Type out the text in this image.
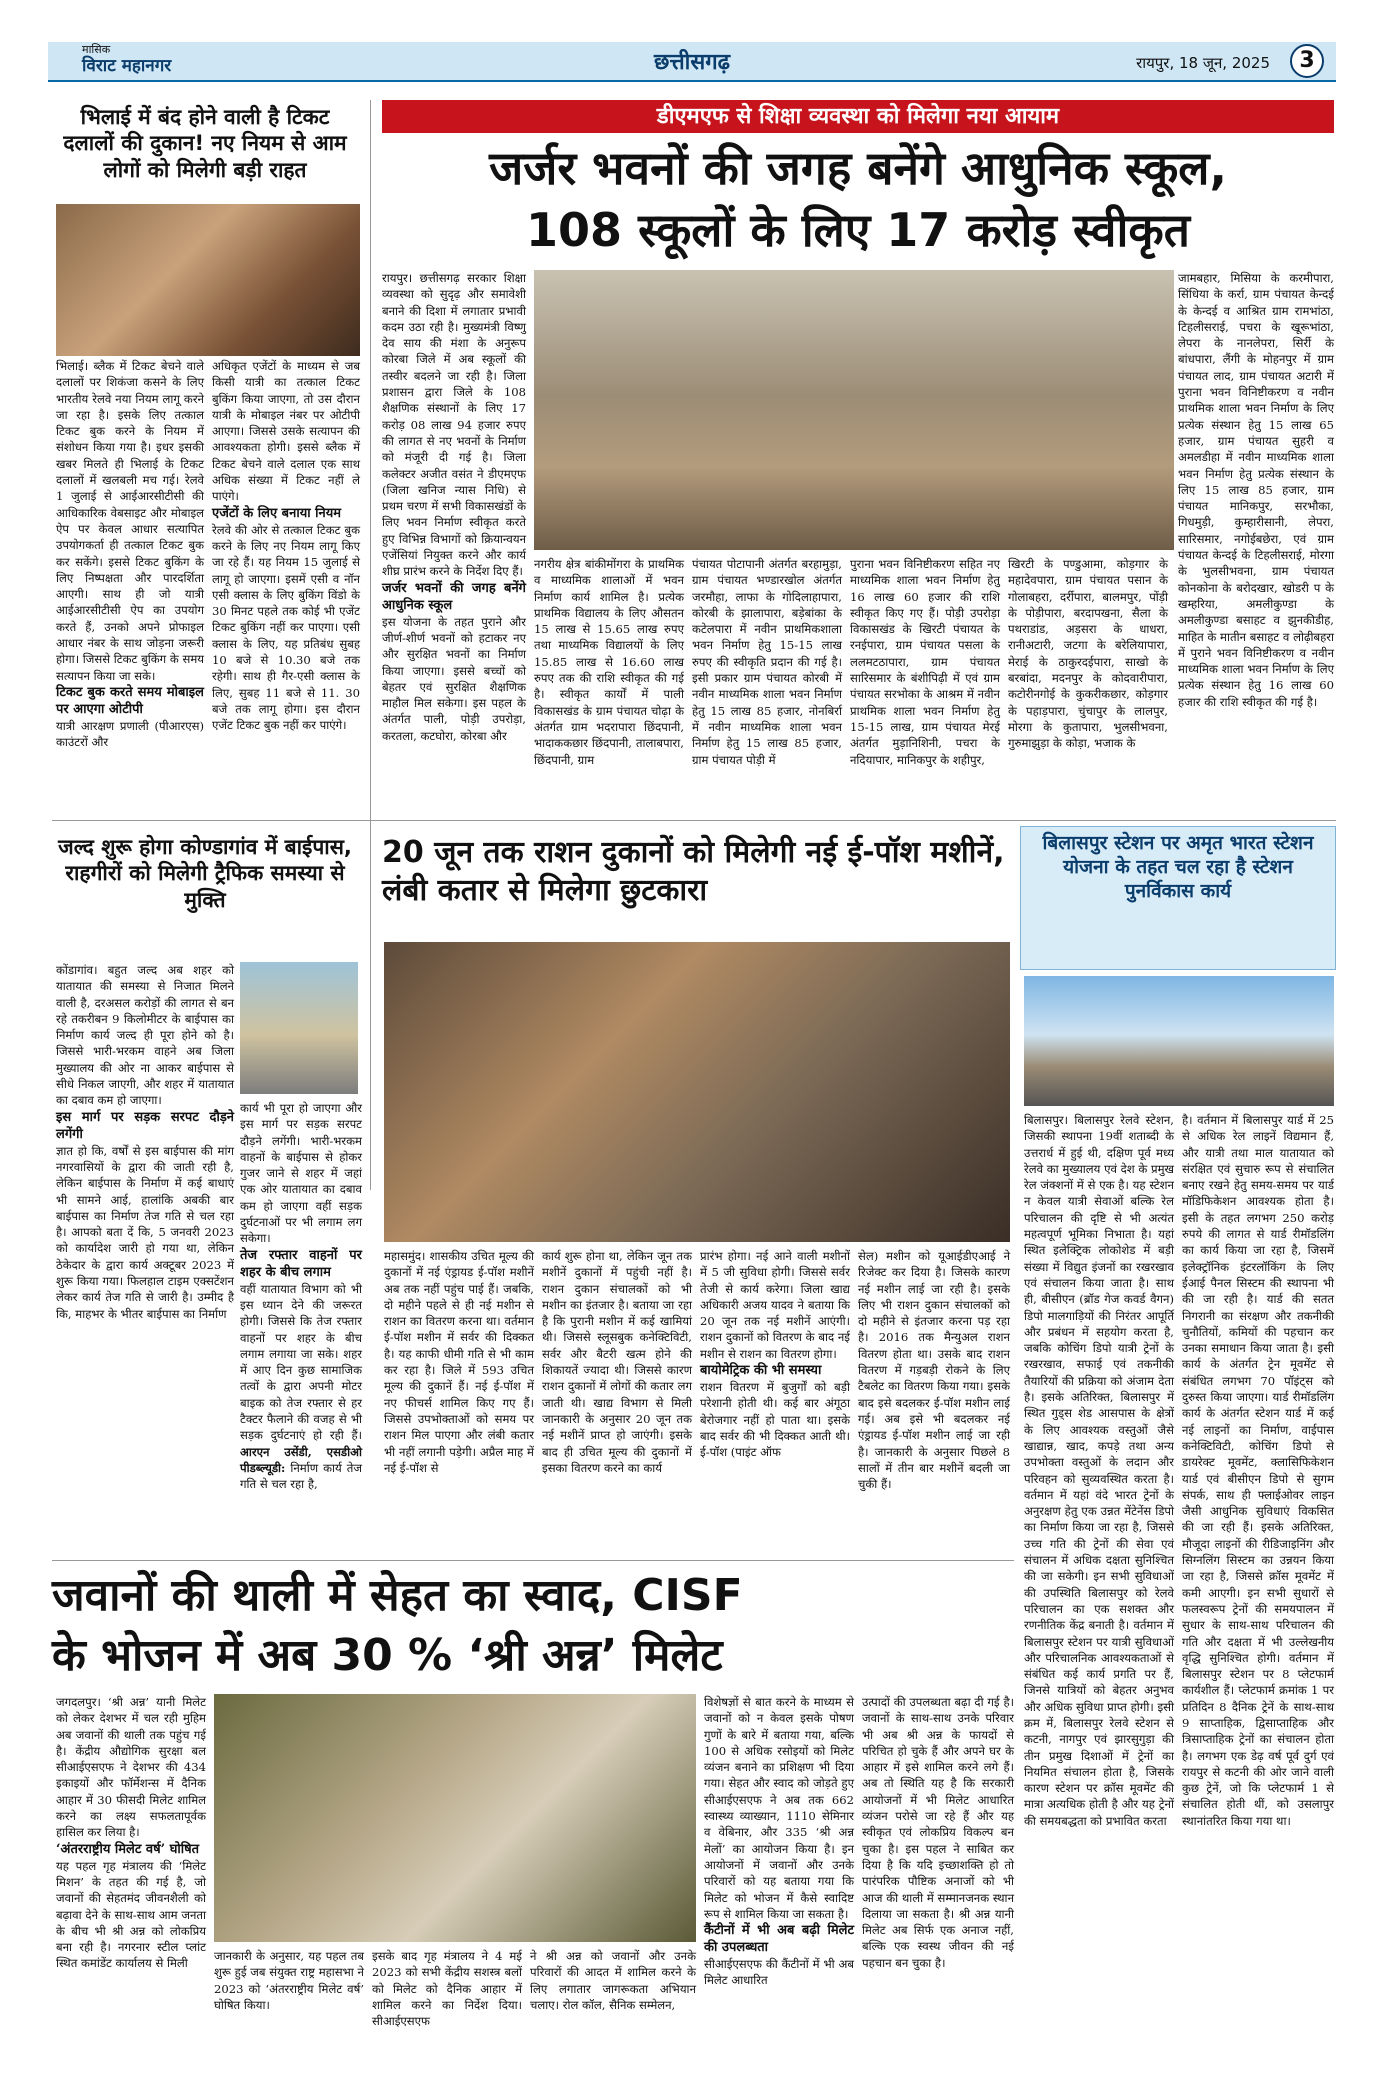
मासिक
विराट महानगर	छत्तीसगढ़	रायपुर, 18 जून, 2025	3
भिलाई में बंद होने वाली है टिकट दलालों की दुकान! नए नियम से आम लोगों को मिलेगी बड़ी राहत
भिलाई। ब्लैक में टिकट बेचने वाले दलालों पर शिकंजा कसने के लिए भारतीय रेलवे नया नियम लागू करने जा रहा है। इसके लिए तत्काल टिकट बुक करने के नियम में संशोधन किया गया है। इधर इसकी खबर मिलते ही भिलाई के टिकट दलालों में खलबली मच गई। रेलवे 1 जुलाई से आईआरसीटीसी की आधिकारिक वेबसाइट और मोबाइल ऐप पर केवल आधार सत्यापित उपयोगकर्ता ही तत्काल टिकट बुक कर सकेंगे। इससे टिकट बुकिंग के लिए निष्पक्षता और पारदर्शिता आएगी। साथ ही जो यात्री आईआरसीटीसी ऐप का उपयोग करते हैं, उनको अपने प्रोफाइल आधार नंबर के साथ जोड़ना जरूरी होगा। जिससे टिकट बुकिंग के समय सत्यापन किया जा सके।
टिकट बुक करते समय मोबाइल पर आएगा ओटीपी
यात्री आरक्षण प्रणाली (पीआरएस) काउंटरों और
अधिकृत एजेंटों के माध्यम से जब किसी यात्री का तत्काल टिकट बुकिंग किया जाएगा, तो उस दौरान यात्री के मोबाइल नंबर पर ओटीपी आएगा। जिससे उसके सत्यापन की आवश्यकता होगी। इससे ब्लैक में टिकट बेचने वाले दलाल एक साथ अधिक संख्या में टिकट नहीं ले पाएंगे।
एजेंटों के लिए बनाया नियम
रेलवे की ओर से तत्काल टिकट बुक करने के लिए नए नियम लागू किए जा रहे हैं। यह नियम 15 जुलाई से लागू हो जाएगा। इसमें एसी व नॉन एसी क्लास के लिए बुकिंग विंडो के 30 मिनट पहले तक कोई भी एजेंट टिकट बुकिंग नहीं कर पाएगा। एसी क्लास के लिए, यह प्रतिबंध सुबह 10 बजे से 10.30 बजे तक रहेगी। साथ ही गैर-एसी क्लास के लिए, सुबह 11 बजे से 11. 30 बजे तक लागू होगा। इस दौरान एजेंट टिकट बुक नहीं कर पाएंगे।
डीएमएफ से शिक्षा व्यवस्था को मिलेगा नया आयाम
जर्जर भवनों की जगह बनेंगे आधुनिक स्कूल,
108 स्कूलों के लिए 17 करोड़ स्वीकृत
रायपुर। छत्तीसगढ़ सरकार शिक्षा व्यवस्था को सुदृढ़ और समावेशी बनाने की दिशा में लगातार प्रभावी कदम उठा रही है। मुख्यमंत्री विष्णु देव साय की मंशा के अनुरूप कोरबा जिले में अब स्कूलों की तस्वीर बदलने जा रही है। जिला प्रशासन द्वारा जिले के 108 शैक्षणिक संस्थानों के लिए 17 करोड़ 08 लाख 94 हजार रुपए की लागत से नए भवनों के निर्माण को मंजूरी दी गई है। जिला कलेक्टर अजीत वसंत ने डीएमएफ (जिला खनिज न्यास निधि) से प्रथम चरण में सभी विकासखंडों के लिए भवन निर्माण स्वीकृत करते हुए विभिन्न विभागों को क्रियान्वयन एजेंसियां नियुक्त करने और कार्य शीघ्र प्रारंभ करने के निर्देश दिए हैं।
जर्जर भवनों की जगह बनेंगे आधुनिक स्कूल
इस योजना के तहत पुराने और जीर्ण-शीर्ण भवनों को हटाकर नए और सुरक्षित भवनों का निर्माण किया जाएगा। इससे बच्चों को बेहतर एवं सुरक्षित शैक्षणिक माहौल मिल सकेगा। इस पहल के अंतर्गत पाली, पोड़ी उपरोड़ा, करतला, कटघोरा, कोरबा और
नगरीय क्षेत्र बांकीमोंगरा के प्राथमिक व माध्यमिक शालाओं में भवन निर्माण कार्य शामिल है। प्रत्येक प्राथमिक विद्यालय के लिए औसतन 15 लाख से 15.65 लाख रुपए तथा माध्यमिक विद्यालयों के लिए 15.85 लाख से 16.60 लाख रुपए तक की राशि स्वीकृत की गई है। स्वीकृत कार्यों में पाली विकासखंड के ग्राम पंचायत चोढ़ा के अंतर्गत ग्राम भदरापारा छिंदपानी, भादाककछार छिंदपानी, तालाबपारा, छिंदपानी, ग्राम
पंचायत पोटापानी अंतर्गत बरहामुड़ा, ग्राम पंचायत भण्डारखोल अंतर्गत जरमौहा, लाफा के गोदिलाहापारा, कोरबी के झालापारा, बड़ेबांका के कटेलपारा में नवीन प्राथमिकशाला भवन निर्माण हेतु 15-15 लाख रुपए की स्वीकृति प्रदान की गई है। इसी प्रकार ग्राम पंचायत कोरबी में नवीन माध्यमिक शाला भवन निर्माण हेतु 15 लाख 85 हजार, नोनबिर्रा में नवीन माध्यमिक शाला भवन निर्माण हेतु 15 लाख 85 हजार, ग्राम पंचायत पोड़ी में
पुराना भवन विनिष्टीकरण सहित नए माध्यमिक शाला भवन निर्माण हेतु 16 लाख 60 हजार की राशि स्वीकृत किए गए हैं। पोड़ी उपरोड़ा विकासखंड के खिरटी पंचायत के रनईपारा, ग्राम पंचायत पसला के ललमटठापारा, ग्राम पंचायत सारिसमार के बंशीपिढ़ी में एवं ग्राम पंचायत सरभोका के आश्रम में नवीन प्राथमिक शाला भवन निर्माण हेतु 15-15 लाख, ग्राम पंचायत मेरई अंतर्गत मुड़ानिशिनी, पचरा के नदियापार, मानिकपुर के शहीपुर,
खिरटी के पण्डुआमा, कोड़गार के महादेवपारा, ग्राम पंचायत पसान के गोलाबहरा, दर्रीपारा, बालमपुर, पोंड़ी के पोड़ीपारा, बरदापखना, सैला के पथराडांड, अड़सरा के धाधरा, रानीअटारी, जटगा के बरेलियापारा, मेराई के ठाकुरदईपारा, साखो के बरबांदा, मदनपुर के कोदवारीपारा, कटोरीनगोई के कुकरीकछार, कोड़गार के पहाड़पारा, चुंचापुर के लालपुर, मोरगा के कुतापारा, भुलसीभवना, गुरुमाझुड़ा के कोड़ा, भजाक के
जामबहार, मिसिया के करमीपारा, सिंधिया के कर्रा, ग्राम पंचायत केन्दई के केन्दई व आश्रित ग्राम रामभांठा, टिहलीसराई, पचरा के खूरूभांठा, लेपरा के नानलेपरा, सिर्री के बांधपारा, लैंगी के मोहनपुर में ग्राम पंचायत लाद, ग्राम पंचायत अटारी में पुराना भवन विनिष्टीकरण व नवीन प्राथमिक शाला भवन निर्माण के लिए प्रत्येक संस्थान हेतु 15 लाख 65 हजार, ग्राम पंचायत सुहरी व अमलडीहा में नवीन माध्यमिक शाला भवन निर्माण हेतु प्रत्येक संस्थान के लिए 15 लाख 85 हजार, ग्राम पंचायत मानिकपुर, सरभौका, गिधमुड़ी, कुम्हारीसानी, लेपरा, सारिसमार, नगोईबछेरा, एवं ग्राम पंचायत केन्दई के टिहलीसराई, मोरगा के भुलसीभवना, ग्राम पंचायत कोनकोना के बरोदखार, खोडरी प के खम्हरिया, अमलीकुण्डा के अमलीकुण्डा बसाहट व झुनकीडीह, माहित के मातीन बसाहट व लोढ़ीबहरा में पुराने भवन विनिष्टीकरण व नवीन माध्यमिक शाला भवन निर्माण के लिए प्रत्येक संस्थान हेतु 16 लाख 60 हजार की राशि स्वीकृत की गई है।
जल्द शुरू होगा कोण्डागांव में बाईपास, राहगीरों को मिलेगी ट्रैफिक समस्या से मुक्ति
कोंडागांव। बहुत जल्द अब शहर को यातायात की समस्या से निजात मिलने वाली है, दरअसल करोड़ों की लागत से बन रहे तकरीबन 9 किलोमीटर के बाईपास का निर्माण कार्य जल्द ही पूरा होने को है। जिससे भारी-भरकम वाहने अब जिला मुख्यालय की ओर ना आकर बाईपास से सीधे निकल जाएगी, और शहर में यातायात का दबाव कम हो जाएगा।
इस मार्ग पर सड़क सरपट दौड़ने लगेंगी
ज्ञात हो कि, वर्षों से इस बाईपास की मांग नगरवासियों के द्वारा की जाती रही है, लेकिन बाईपास के निर्माण में कई बाधाएं भी सामने आई, हालांकि अबकी बार बाईपास का निर्माण तेज गति से चल रहा है। आपको बता दें कि, 5 जनवरी 2023 को कार्यादेश जारी हो गया था, लेकिन ठेकेदार के द्वारा कार्य अक्टूबर 2023 में शुरू किया गया। फिलहाल टाइम एक्सटेंशन लेकर कार्य तेज गति से जारी है। उम्मीद है कि, माहभर के भीतर बाईपास का निर्माण
कार्य भी पूरा हो जाएगा और इस मार्ग पर सड़क सरपट दौड़ने लगेंगी। भारी-भरकम वाहनों के बाईपास से होकर गुजर जाने से शहर में जहां एक ओर यातायात का दबाव कम हो जाएगा वहीं सड़क दुर्घटनाओं पर भी लगाम लग सकेगा।
तेज रफ्तार वाहनों पर शहर के बीच लगाम
वहीं यातायात विभाग को भी इस ध्यान देने की जरूरत होगी। जिससे कि तेज रफ्तार वाहनों पर शहर के बीच लगाम लगाया जा सके। शहर में आए दिन कुछ सामाजिक तत्वों के द्वारा अपनी मोटर बाइक को तेज रफ्तार से हर टैक्टर फैलाने की वजह से भी सड़क दुर्घटनाएं हो रही हैं।आरएन उसेंडी, एसडीओ पीडब्ल्यूडी: निर्माण कार्य तेज गति से चल रहा है,
20 जून तक राशन दुकानों को मिलेगी नई ई-पॉश मशीनें, लंबी कतार से मिलेगा छुटकारा
महासमुंद। शासकीय उचित मूल्य की दुकानों में नई एंड्रायड ई-पॉश मशीनें अब तक नहीं पहुंच पाई हैं। जबकि, दो महीने पहले से ही नई मशीन से राशन का वितरण करना था। वर्तमान ई-पॉश मशीन में सर्वर की दिक्कत है। यह काफी धीमी गति से भी काम कर रहा है। जिले में 593 उचित मूल्य की दुकानें हैं। नई ई-पॉश में नए फीचर्स शामिल किए गए हैं। जिससे उपभोक्ताओं को समय पर राशन मिल पाएगा और लंबी कतार भी नहीं लगानी पड़ेगी। अप्रैल माह में नई ई-पॉश से
कार्य शुरू होना था, लेकिन जून तक मशीनें दुकानों में पहुंची नहीं है। राशन दुकान संचालकों को भी मशीन का इंतजार है। बताया जा रहा है कि पुरानी मशीन में कई खामियां थी। जिससे स्लूसबुक कनेक्टिविटी, सर्वर और बैटरी खत्म होने की शिकायतें ज्यादा थी। जिससे कारण राशन दुकानों में लोगों की कतार लग जाती थी। खाद्य विभाग से मिली जानकारी के अनुसार 20 जून तक नई मशीनें प्राप्त हो जाएंगी। इसके बाद ही उचित मूल्य की दुकानों में इसका वितरण करने का कार्य
प्रारंभ होगा। नई आने वाली मशीनों में 5 जी सुविधा होगी। जिससे सर्वर तेजी से कार्य करेगा। जिला खाद्य अधिकारी अजय यादव ने बताया कि 20 जून तक नई मशीनें आएंगी। राशन दुकानों को वितरण के बाद नई मशीन से राशन का वितरण होगा।
बायोमेट्रिक की भी समस्या
राशन वितरण में बुजुर्गों को बड़ी परेशानी होती थी। कई बार अंगूठा बेरोजगार नहीं हो पाता था। इसके बाद सर्वर की भी दिक्कत आती थी। ई-पॉश (पाइंट ऑफ
सेल) मशीन को यूआईडीएआई ने रिजेक्ट कर दिया है। जिसके कारण नई मशीन लाई जा रही है। इसके लिए भी राशन दुकान संचालकों को दो महीने से इंतजार करना पड़ रहा है। 2016 तक मैन्युअल राशन वितरण होता था। उसके बाद राशन वितरण में गड़बड़ी रोकने के लिए टैबलेट का वितरण किया गया। इसके बाद इसे बदलकर ई-पॉश मशीन लाई गई। अब इसे भी बदलकर नई एंड्रायड ई-पॉश मशीन लाई जा रही है। जानकारी के अनुसार पिछले 8 सालों में तीन बार मशीनें बदली जा चुकी हैं।
बिलासपुर स्टेशन पर अमृत भारत स्टेशन योजना के तहत चल रहा है स्टेशन पुनर्विकास कार्य
बिलासपुर। बिलासपुर रेलवे स्टेशन, जिसकी स्थापना 19वीं शताब्दी के उत्तरार्ध में हुई थी, दक्षिण पूर्व मध्य रेलवे का मुख्यालय एवं देश के प्रमुख रेल जंक्शनों में से एक है। यह स्टेशन न केवल यात्री सेवाओं बल्कि रेल परिचालन की दृष्टि से भी अत्यंत महत्वपूर्ण भूमिका निभाता है। यहां स्थित इलेक्ट्रिक लोकोशेड में बड़ी संख्या में विद्युत इंजनों का रखरखाव एवं संचालन किया जाता है। साथ ही, बीसीएन (ब्रॉड गेज कवर्ड वैगन) डिपो मालगाड़ियों की निरंतर आपूर्ति और प्रबंधन में सहयोग करता है, जबकि कोचिंग डिपो यात्री ट्रेनों के रखरखाव, सफाई एवं तकनीकी तैयारियों की प्रक्रिया को अंजाम देता है। इसके अतिरिक्त, बिलासपुर में स्थित गुड्स शेड आसपास के क्षेत्रों के लिए आवश्यक वस्तुओं जैसे खाद्यान्न, खाद, कपड़े तथा अन्य उपभोक्ता वस्तुओं के लदान और परिवहन को सुव्यवस्थित करता है। वर्तमान में यहां वंदे भारत ट्रेनों के अनुरक्षण हेतु एक उन्नत मेंटेनेंस डिपो का निर्माण किया जा रहा है, जिससे उच्च गति की ट्रेनों की सेवा एवं संचालन में अधिक दक्षता सुनिश्चित की जा सकेगी। इन सभी सुविधाओं की उपस्थिति बिलासपुर को रेलवे परिचालन का एक सशक्त और रणनीतिक केंद्र बनाती है। वर्तमान में बिलासपुर स्टेशन पर यात्री सुविधाओं और परिचालनिक आवश्यकताओं से संबंधित कई कार्य प्रगति पर हैं, जिनसे यात्रियों को बेहतर अनुभव और अधिक सुविधा प्राप्त होगी। इसी क्रम में, बिलासपुर रेलवे स्टेशन से कटनी, नागपुर एवं झारसुगुड़ा की तीन प्रमुख दिशाओं में ट्रेनों का नियमित संचालन होता है, जिसके कारण स्टेशन पर क्रॉस मूवमेंट की मात्रा अत्यधिक होती है और यह ट्रेनों की समयबद्धता को प्रभावित करता
है। वर्तमान में बिलासपुर यार्ड में 25 से अधिक रेल लाइनें विद्यमान हैं, और यात्री तथा माल यातायात को संरक्षित एवं सुचारु रूप से संचालित बनाए रखने हेतु समय-समय पर यार्ड मॉडिफिकेशन आवश्यक होता है। इसी के तहत लगभग 250 करोड़ रुपये की लागत से यार्ड रीमॉडलिंग का कार्य किया जा रहा है, जिसमें इलेक्ट्रॉनिक इंटरलॉकिंग के लिए ईआई पैनल सिस्टम की स्थापना भी की जा रही है। यार्ड की सतत निगरानी का संरक्षण और तकनीकी चुनौतियों, कमियों की पहचान कर उनका समाधान किया जाता है। इसी कार्य के अंतर्गत ट्रेन मूवमेंट से संबंधित लगभग 70 पॉइंट्स को दुरुस्त किया जाएगा। यार्ड रीमॉडलिंग कार्य के अंतर्गत स्टेशन यार्ड में कई नई लाइनों का निर्माण, वाईपास कनेक्टिविटी, कोचिंग डिपो से डायरेक्ट मूवमेंट, क्लासिफिकेशन यार्ड एवं बीसीएन डिपो से सुगम संपर्क, साथ ही फ्लाईओवर लाइन जैसी आधुनिक सुविधाएं विकसित की जा रही हैं। इसके अतिरिक्त, मौजूदा लाइनों की रीडिजाइनिंग और सिग्नलिंग सिस्टम का उन्नयन किया जा रहा है, जिससे क्रॉस मूवमेंट में कमी आएगी। इन सभी सुधारों से फलस्वरूप ट्रेनों की समयपालन में सुधार के साथ-साथ परिचालन की गति और दक्षता में भी उल्लेखनीय वृद्धि सुनिश्चित होगी। वर्तमान में बिलासपुर स्टेशन पर 8 प्लेटफार्म कार्यशील हैं। प्लेटफार्म क्रमांक 1 पर प्रतिदिन 8 दैनिक ट्रेनें के साथ-साथ 9 साप्ताहिक, द्विसाप्ताहिक और त्रिसाप्ताहिक ट्रेनों का संचालन होता है। लगभग एक डेढ़ वर्ष पूर्व दुर्ग एवं रायपुर से कटनी की ओर जाने वाली कुछ ट्रेनें, जो कि प्लेटफार्म 1 से संचालित होती थीं, को उसलापुर स्थानांतरित किया गया था।
जवानों की थाली में सेहत का स्वाद, CISF
के भोजन में अब 30 % ‘श्री अन्न’ मिलेट
जगदलपुर। ‘श्री अन्न’ यानी मिलेट को लेकर देशभर में चल रही मुहिम अब जवानों की थाली तक पहुंच गई है। केंद्रीय औद्योगिक सुरक्षा बल सीआईएसएफ ने देशभर की 434 इकाइयों और फॉर्मेशन्स में दैनिक आहार में 30 फीसदी मिलेट शामिल करने का लक्ष्य सफलतापूर्वक हासिल कर लिया है।
‘अंतरराष्ट्रीय मिलेट वर्ष’ घोषित
यह पहल गृह मंत्रालय की ‘मिलेट मिशन’ के तहत की गई है, जो जवानों की सेहतमंद जीवनशैली को बढ़ावा देने के साथ-साथ आम जनता के बीच भी श्री अन्न को लोकप्रिय बना रही है। नगरनार स्टील प्लांट स्थित कमांडेंट कार्यालय से मिली
जानकारी के अनुसार, यह पहल तब शुरू हुई जब संयुक्त राष्ट्र महासभा ने 2023 को ‘अंतरराष्ट्रीय मिलेट वर्ष’ घोषित किया।
इसके बाद गृह मंत्रालय ने 4 मई 2023 को सभी केंद्रीय सशस्त्र बलों को मिलेट को दैनिक आहार में शामिल करने का निर्देश दिया। सीआईएसएफ
ने श्री अन्न को जवानों और उनके परिवारों की आदत में शामिल करने के लिए लगातार जागरूकता अभियान चलाए। रोल कॉल, सैनिक सम्मेलन,
विशेषज्ञों से बात करने के माध्यम से जवानों को न केवल इसके पोषण गुणों के बारे में बताया गया, बल्कि 100 से अधिक रसोइयों को मिलेट व्यंजन बनाने का प्रशिक्षण भी दिया गया। सेहत और स्वाद को जोड़ते हुए सीआईएसएफ ने अब तक 662 स्वास्थ्य व्याख्यान, 1110 सेमिनार व वेबिनार, और 335 ‘श्री अन्न मेलों’ का आयोजन किया है। इन आयोजनों में जवानों और उनके परिवारों को यह बताया गया कि मिलेट को भोजन में कैसे स्वादिष्ट रूप से शामिल किया जा सकता है।
कैंटीनों में भी अब बढ़ी मिलेट की उपलब्धता
सीआईएसएफ की कैंटीनों में भी अब मिलेट आधारित
उत्पादों की उपलब्धता बढ़ा दी गई है। जवानों के साथ-साथ उनके परिवार भी अब श्री अन्न के फायदों से परिचित हो चुके हैं और अपने घर के आहार में इसे शामिल करने लगे हैं। अब तो स्थिति यह है कि सरकारी आयोजनों में भी मिलेट आधारित व्यंजन परोसे जा रहे हैं और यह स्वीकृत एवं लोकप्रिय विकल्प बन चुका है। इस पहल ने साबित कर दिया है कि यदि इच्छाशक्ति हो तो पारंपरिक पौष्टिक अनाजों को भी आज की थाली में सम्मानजनक स्थान दिलाया जा सकता है। श्री अन्न यानी मिलेट अब सिर्फ एक अनाज नहीं, बल्कि एक स्वस्थ जीवन की नई पहचान बन चुका है।
